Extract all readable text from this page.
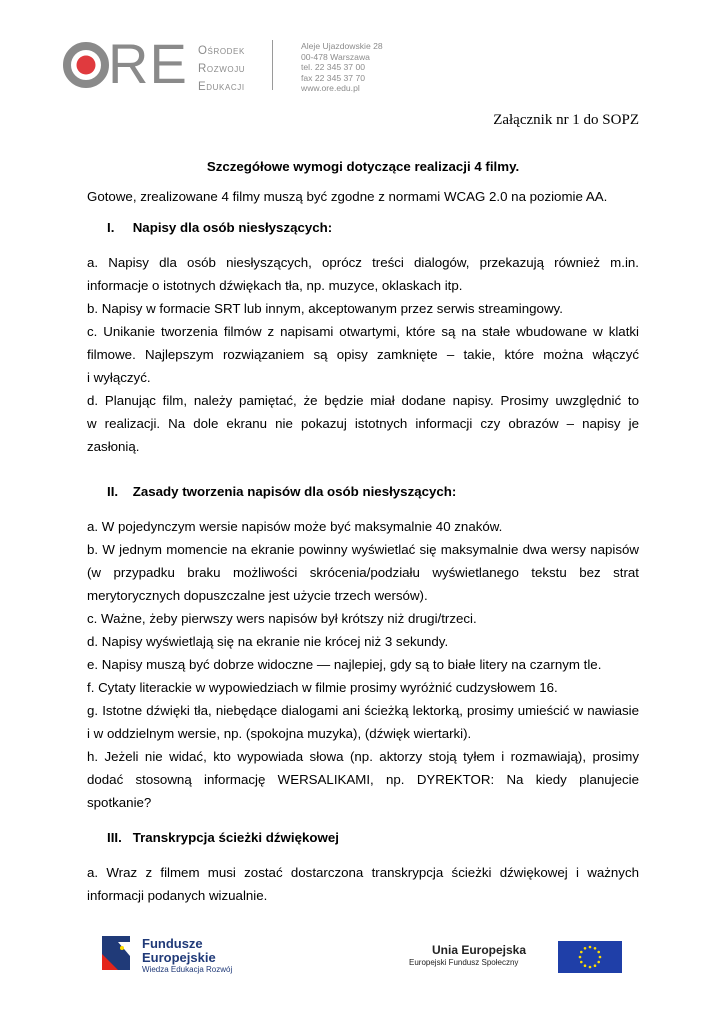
RE Ośrodek
Rozwoju
Edukacji
Aleje Ujazdowskie 28
00-478 Warszawa
tel. 22 345 37 00
fax 22 345 37 70
www.ore.edu.pl
Załącznik nr 1 do SOPZ
Szczegółowe wymogi dotyczące realizacji 4 filmy.
Gotowe, zrealizowane 4 filmy muszą być zgodne z normami WCAG 2.0 na poziomie AA.
I. Napisy dla osób niesłyszących:
a. Napisy dla osób niesłyszących, oprócz treści dialogów, przekazują również m.in.
informacje o istotnych dźwiękach tła, np. muzyce, oklaskach itp.
b. Napisy w formacie SRT lub innym, akceptowanym przez serwis streamingowy.
c. Unikanie tworzenia filmów z napisami otwartymi, które są na stałe wbudowane w klatki
filmowe. Najlepszym rozwiązaniem są opisy zamknięte – takie, które można włączyć
i wyłączyć.
d. Planując film, należy pamiętać, że będzie miał dodane napisy. Prosimy uwzględnić to
w realizacji. Na dole ekranu nie pokazuj istotnych informacji czy obrazów – napisy je
zasłonią.
II. Zasady tworzenia napisów dla osób niesłyszących:
a. W pojedynczym wersie napisów może być maksymalnie 40 znaków.
b. W jednym momencie na ekranie powinny wyświetlać się maksymalnie dwa wersy napisów
(w przypadku braku możliwości skrócenia/podziału wyświetlanego tekstu bez strat
merytorycznych dopuszczalne jest użycie trzech wersów).
c. Ważne, żeby pierwszy wers napisów był krótszy niż drugi/trzeci.
d. Napisy wyświetlają się na ekranie nie krócej niż 3 sekundy.
e. Napisy muszą być dobrze widoczne — najlepiej, gdy są to białe litery na czarnym tle.
f. Cytaty literackie w wypowiedziach w filmie prosimy wyróżnić cudzysłowem 16.
g. Istotne dźwięki tła, niebędące dialogami ani ścieżką lektorką, prosimy umieścić w nawiasie
i w oddzielnym wersie, np. (spokojna muzyka), (dźwięk wiertarki).
h. Jeżeli nie widać, kto wypowiada słowa (np. aktorzy stoją tyłem i rozmawiają), prosimy
dodać stosowną informację WERSALIKAMI, np. DYREKTOR: Na kiedy planujecie
spotkanie?
III. Transkrypcja ścieżki dźwiękowej
a. Wraz z filmem musi zostać dostarczona transkrypcja ścieżki dźwiękowej i ważnych
informacji podanych wizualnie.
Fundusze
Europejskie
Wiedza Edukacja Rozwój
Unia Europejska
Europejski Fundusz Społeczny
